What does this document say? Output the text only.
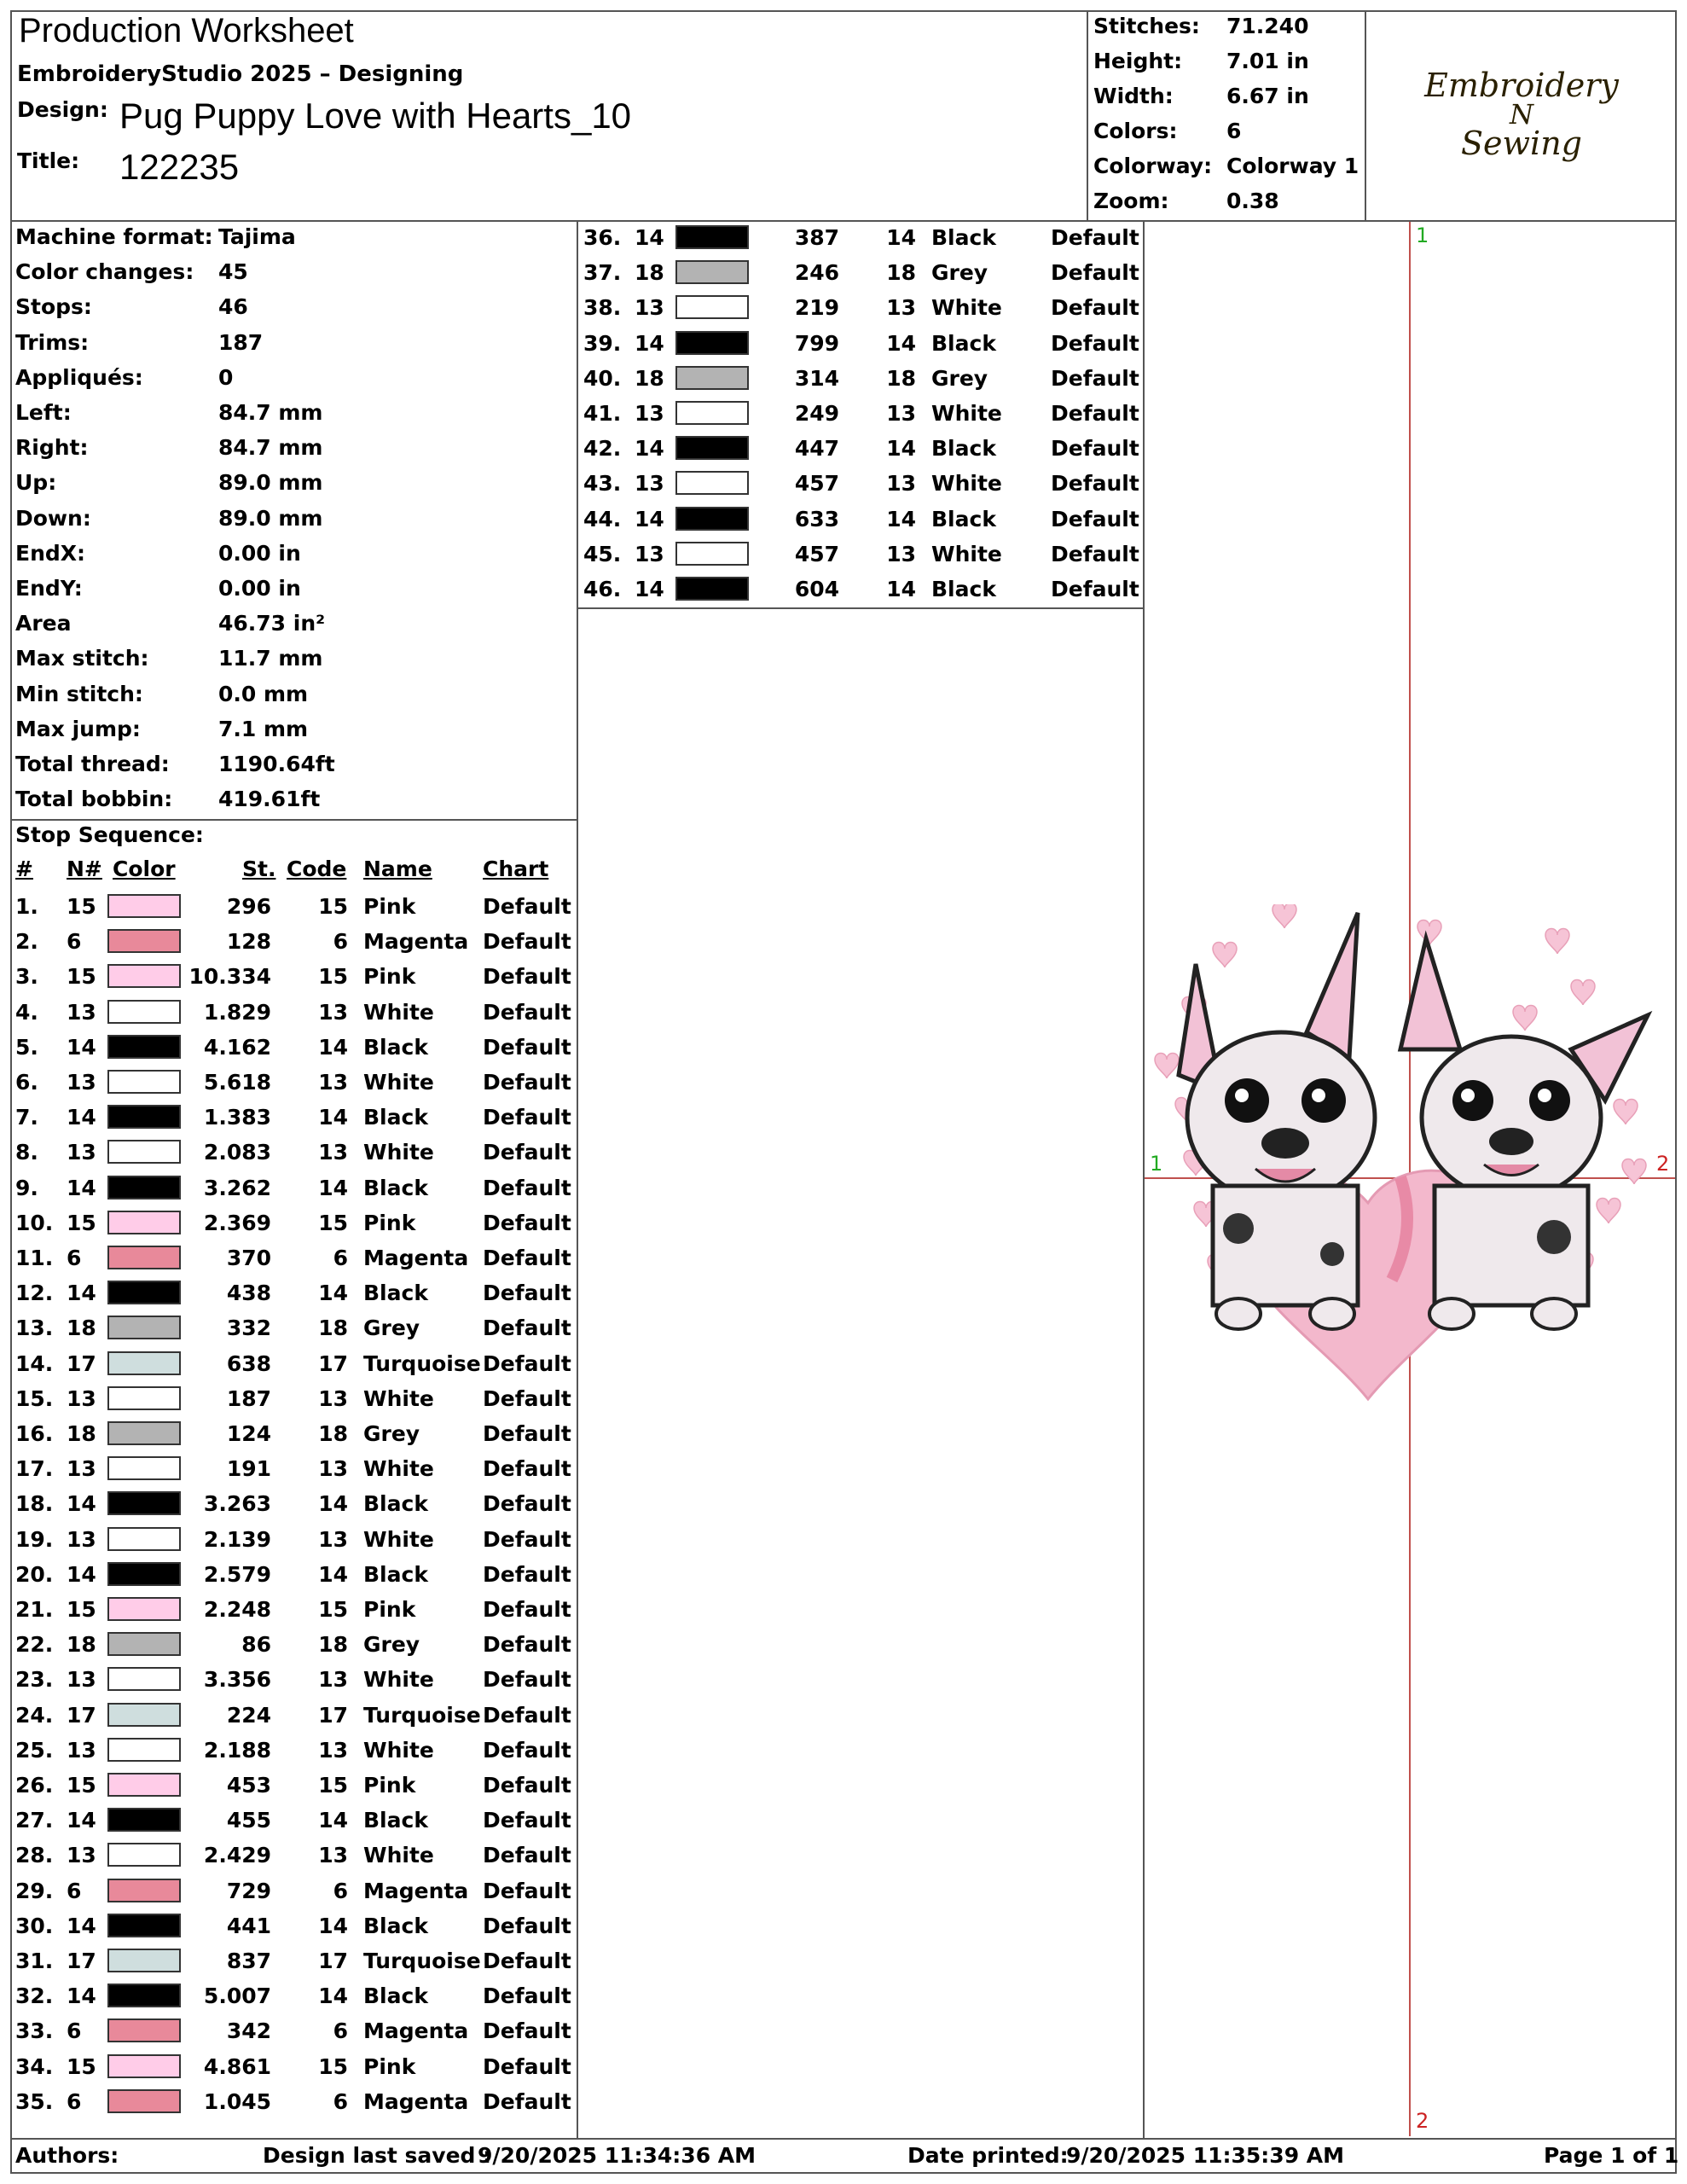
Production Worksheet
EmbroideryStudio 2025 – Designing
Design: Pug Puppy Love with Hearts_10
Title: 122235
Stitches: 71.240
Height: 7.01 in
Width: 6.67 in
Colors: 6
Colorway: Colorway 1
Zoom:	0.38
Embroidery
N
Sewing
Machine format: Tajima
Color changes: 45
Stops:	46
Trims:	187
Appliqués:	0
Left:	84.7 mm
Right:	84.7 mm
Up:	89.0 mm
Down:	89.0 mm
EndX:	0.00 in
EndY:	0.00 in
Area	46.73 in²
Max stitch:	11.7 mm
Min stitch:	0.0 mm
Max jump:	7.1 mm
Total thread: 1190.64ft
Total bobbin: 419.61ft
Stop Sequence:
# N# Color	St. Code Name Chart
1. 15	296	15 Pink	Default
2. 6	128	6 Magenta Default
3. 15	10.334	15 Pink	Default
4. 13	1.829	13 White Default
5. 14	4.162	14 Black	Default
6. 13	5.618	13 White Default
7. 14	1.383	14 Black	Default
8. 13	2.083	13 White Default
9. 14	3.262	14 Black	Default
10. 15	2.369	15 Pink	Default
11. 6	370	6 Magenta Default
12. 14	438	14 Black	Default
13. 18	332	18 Grey	Default
14. 17	638	17 Turquoise Default
15. 13	187	13 White Default
16. 18	124	18 Grey	Default
17. 13	191	13 White Default
18. 14	3.263	14 Black	Default
19. 13	2.139	13 White Default
20. 14	2.579	14 Black	Default
21. 15	2.248	15 Pink	Default
22. 18	86	18 Grey	Default
23. 13	3.356	13 White Default
24. 17	224	17 Turquoise Default
25. 13	2.188	13 White Default
26. 15	453	15 Pink	Default
27. 14	455	14 Black	Default
28. 13	2.429	13 White Default
29. 6	729	6 Magenta Default
30. 14	441	14 Black	Default
31. 17	837	17 Turquoise Default
32. 14	5.007	14 Black	Default
33. 6	342	6 Magenta Default
34. 15	4.861	15 Pink	Default
35. 6	1.045	6 Magenta Default
36. 14	387	14 Black	Default
37. 18	246	18 Grey	Default
38. 13	219	13 White Default
39. 14	799	14 Black	Default
40. 18	314	18 Grey	Default
41. 13	249	13 White Default
42. 14	447	14 Black	Default
43. 13	457	13 White Default
44. 14	633	14 Black	Default
45. 13	457	13 White Default
46. 14	604	14 Black	Default
1
1	2
2
Authors:	Design last saved :
9/20/2025 11:34:36 AM	Date printed:
9/20/2025 11:35:39 AM	Page 1 of 1
